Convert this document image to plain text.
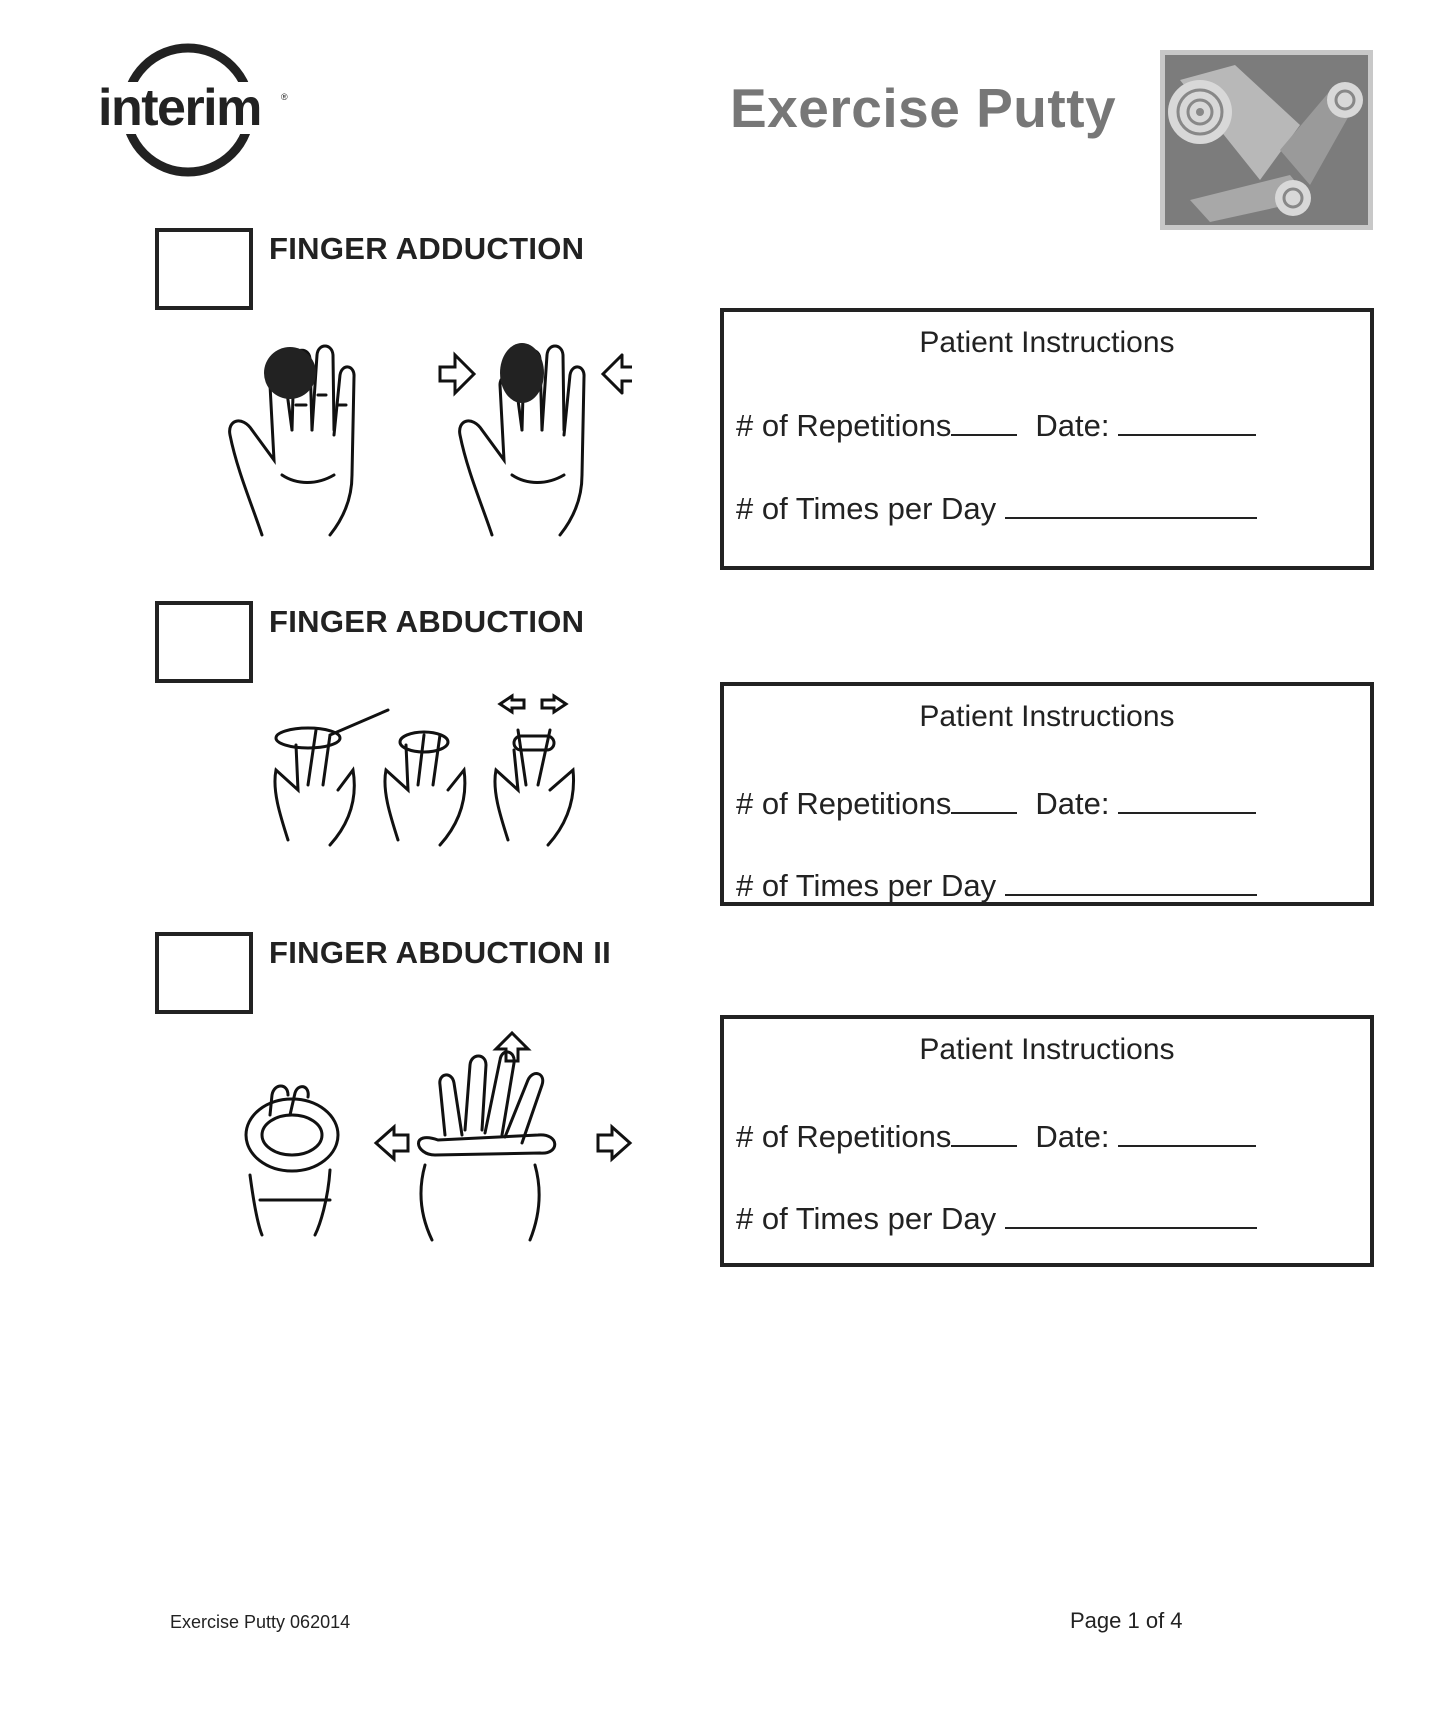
interim ®	Exercise Putty
FINGER ADDUCTION
Patient Instructions
# of Repetitions	Date:
# of Times per Day
FINGER ABDUCTION
Patient Instructions
# of Repetitions	Date:
# of Times per Day
FINGER ABDUCTION II
Patient Instructions
# of Repetitions	Date:
# of Times per Day
Exercise Putty 062014	Page 1 of 4
